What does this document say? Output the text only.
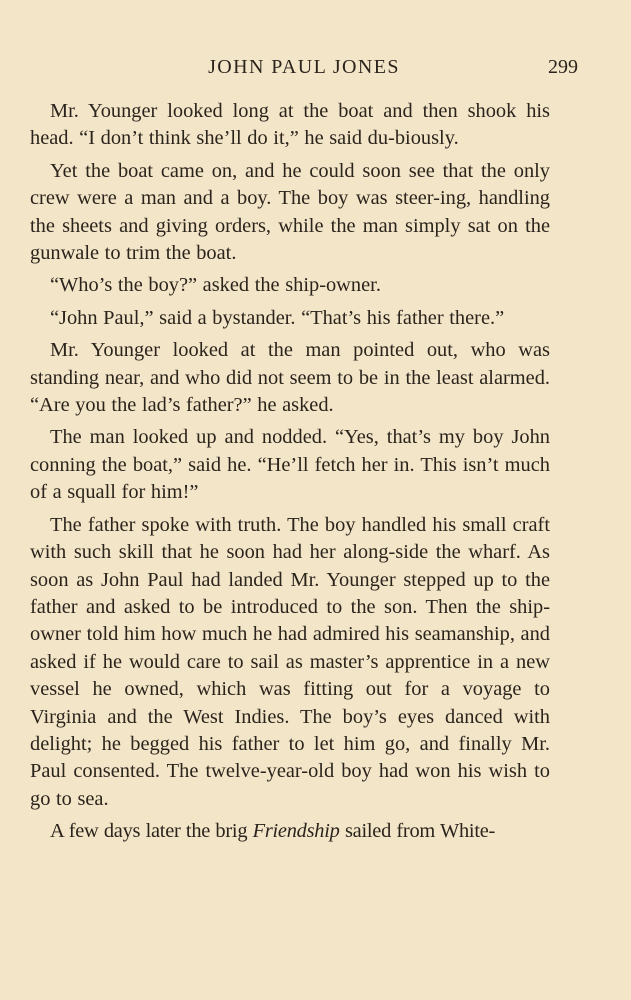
JOHN PAUL JONES	299

Mr. Younger looked long at the boat and then shook his head. “I don’t think she’ll do it,” he said du-biously.

Yet the boat came on, and he could soon see that the only crew were a man and a boy. The boy was steer-ing, handling the sheets and giving orders, while the man simply sat on the gunwale to trim the boat.

“Who’s the boy?” asked the ship-owner.

“John Paul,” said a bystander. “That’s his father there.”

Mr. Younger looked at the man pointed out, who was standing near, and who did not seem to be in the least alarmed. “Are you the lad’s father?” he asked.

The man looked up and nodded. “Yes, that’s my boy John conning the boat,” said he. “He’ll fetch her in. This isn’t much of a squall for him!”

The father spoke with truth. The boy handled his small craft with such skill that he soon had her along-side the wharf. As soon as John Paul had landed Mr. Younger stepped up to the father and asked to be introduced to the son. Then the ship-owner told him how much he had admired his seamanship, and asked if he would care to sail as master’s apprentice in a new vessel he owned, which was fitting out for a voyage to Virginia and the West Indies. The boy’s eyes danced with delight; he begged his father to let him go, and finally Mr. Paul consented. The twelve-year-old boy had won his wish to go to sea.

A few days later the brig Friendship sailed from White-
